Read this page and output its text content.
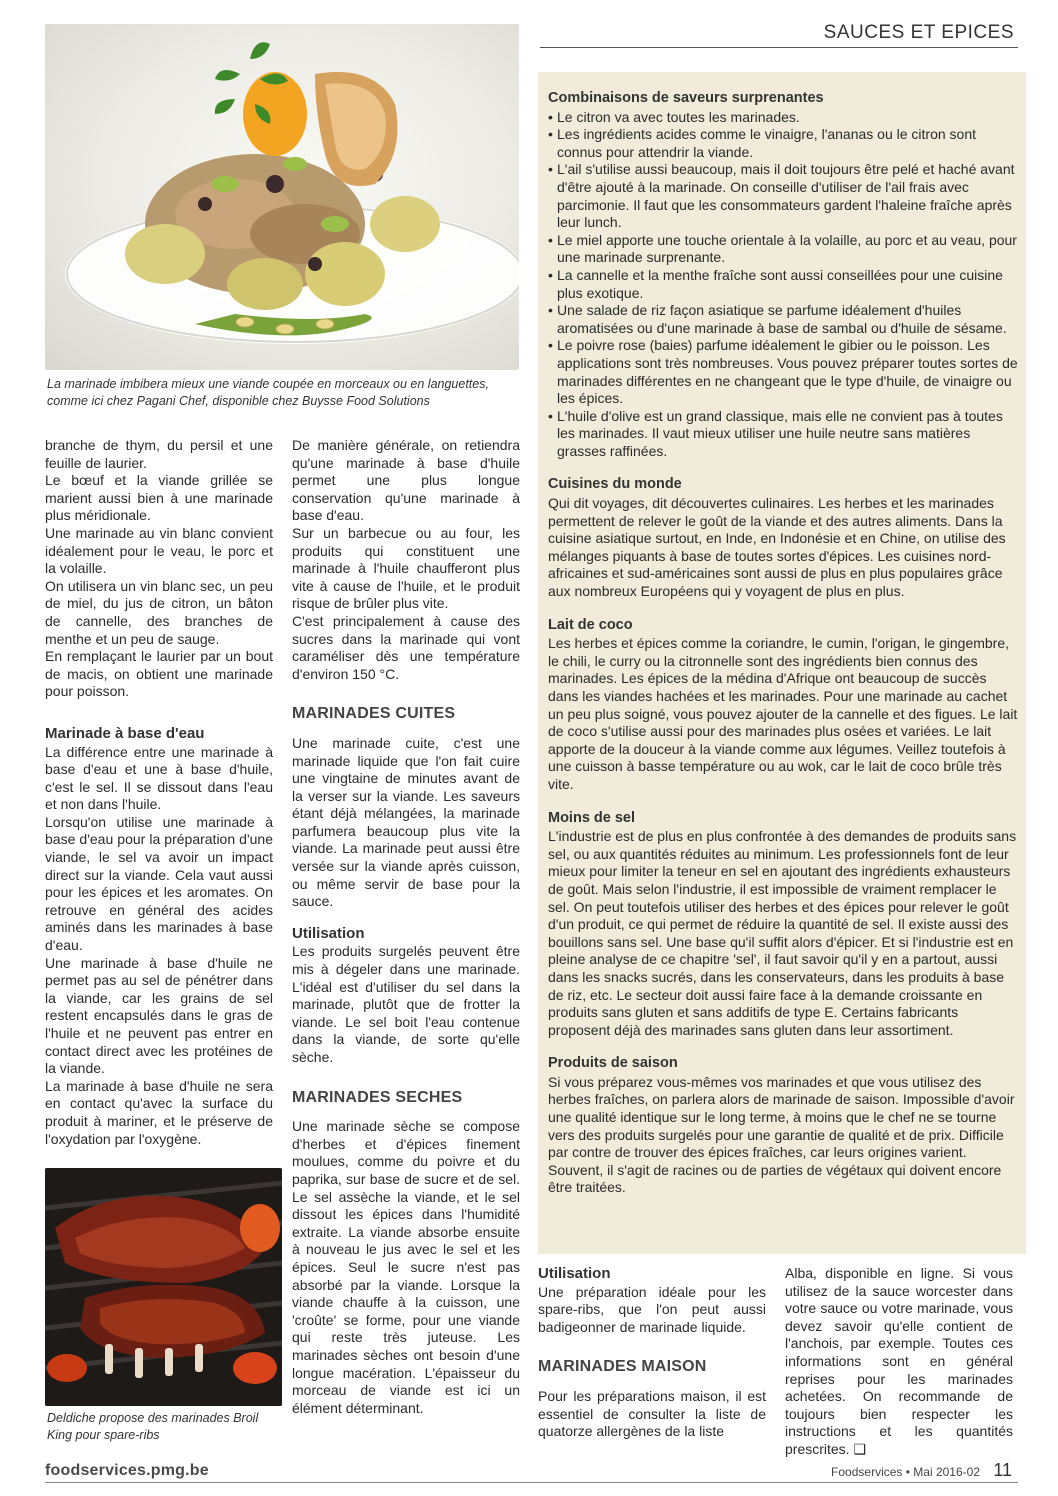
SAUCES ET EPICES
La marinade imbibera mieux une viande coupée en morceaux ou en languettes, comme ici chez Pagani Chef, disponible chez Buysse Food Solutions

branche de thym, du persil et une feuille de laurier.

Le bœuf et la viande grillée se marient aussi bien à une marinade plus méridionale.

Une marinade au vin blanc convient idéalement pour le veau, le porc et la volaille.

On utilisera un vin blanc sec, un peu de miel, du jus de citron, un bâton de cannelle, des branches de menthe et un peu de sauge.

En remplaçant le laurier par un bout de macis, on obtient une marinade pour poisson.

Marinade à base d'eau

La différence entre une marinade à base d'eau et une à base d'huile, c'est le sel. Il se dissout dans l'eau et non dans l'huile.

Lorsqu'on utilise une marinade à base d'eau pour la préparation d'une viande, le sel va avoir un impact direct sur la viande. Cela vaut aussi pour les épices et les aromates. On retrouve en général des acides aminés dans les marinades à base d'eau.

Une marinade à base d'huile ne permet pas au sel de pénétrer dans la viande, car les grains de sel restent encapsulés dans le gras de l'huile et ne peuvent pas entrer en contact direct avec les protéines de la viande.

La marinade à base d'huile ne sera en contact qu'avec la surface du produit à mariner, et le préserve de l'oxydation par l'oxygène.

De manière générale, on retiendra qu'une marinade à base d'huile permet une plus longue conservation qu'une marinade à base d'eau.

Sur un barbecue ou au four, les produits qui constituent une marinade à l'huile chaufferont plus vite à cause de l'huile, et le produit risque de brûler plus vite.

C'est principalement à cause des sucres dans la marinade qui vont caraméliser dès une température d'environ 150 °C.

MARINADES CUITES

Une marinade cuite, c'est une marinade liquide que l'on fait cuire une vingtaine de minutes avant de la verser sur la viande. Les saveurs étant déjà mélangées, la marinade parfumera beaucoup plus vite la viande. La marinade peut aussi être versée sur la viande après cuisson, ou même servir de base pour la sauce.

Utilisation

Les produits surgelés peuvent être mis à dégeler dans une marinade. L'idéal est d'utiliser du sel dans la marinade, plutôt que de frotter la viande. Le sel boit l'eau contenue dans la viande, de sorte qu'elle sèche.

MARINADES SECHES

Une marinade sèche se compose d'herbes et d'épices finement moulues, comme du poivre et du paprika, sur base de sucre et de sel. Le sel assèche la viande, et le sel dissout les épices dans l'humidité extraite. La viande absorbe ensuite à nouveau le jus avec le sel et les épices. Seul le sucre n'est pas absorbé par la viande. Lorsque la viande chauffe à la cuisson, une 'croûte' se forme, pour une viande qui reste très juteuse. Les marinades sèches ont besoin d'une longue macération. L'épaisseur du morceau de viande est ici un élément déterminant.

Deldiche propose des marinades Broil King pour spare-ribs
Combinaisons de saveurs surprenantes
• Le citron va avec toutes les marinades.
• Les ingrédients acides comme le vinaigre, l'ananas ou le citron sont connus pour attendrir la viande.
• L'ail s'utilise aussi beaucoup, mais il doit toujours être pelé et haché avant d'être ajouté à la marinade. On conseille d'utiliser de l'ail frais avec parcimonie. Il faut que les consommateurs gardent l'haleine fraîche après leur lunch.
• Le miel apporte une touche orientale à la volaille, au porc et au veau, pour une marinade surprenante.
• La cannelle et la menthe fraîche sont aussi conseillées pour une cuisine plus exotique.
• Une salade de riz façon asiatique se parfume idéalement d'huiles aromatisées ou d'une marinade à base de sambal ou d'huile de sésame.
• Le poivre rose (baies) parfume idéalement le gibier ou le poisson. Les applications sont très nombreuses. Vous pouvez préparer toutes sortes de marinades différentes en ne changeant que le type d'huile, de vinaigre ou les épices.
• L'huile d'olive est un grand classique, mais elle ne convient pas à toutes les marinades. Il vaut mieux utiliser une huile neutre sans matières grasses raffinées.
Cuisines du monde

Qui dit voyages, dit découvertes culinaires. Les herbes et les marinades permettent de relever le goût de la viande et des autres aliments. Dans la cuisine asiatique surtout, en Inde, en Indonésie et en Chine, on utilise des mélanges piquants à base de toutes sortes d'épices. Les cuisines nord-africaines et sud-américaines sont aussi de plus en plus populaires grâce aux nombreux Européens qui y voyagent de plus en plus.

Lait de coco

Les herbes et épices comme la coriandre, le cumin, l'origan, le gingembre, le chili, le curry ou la citronnelle sont des ingrédients bien connus des marinades. Les épices de la médina d'Afrique ont beaucoup de succès dans les viandes hachées et les marinades. Pour une marinade au cachet un peu plus soigné, vous pouvez ajouter de la cannelle et des figues. Le lait de coco s'utilise aussi pour des marinades plus osées et variées. Le lait apporte de la douceur à la viande comme aux légumes. Veillez toutefois à une cuisson à basse température ou au wok, car le lait de coco brûle très vite.

Moins de sel

L'industrie est de plus en plus confrontée à des demandes de produits sans sel, ou aux quantités réduites au minimum. Les professionnels font de leur mieux pour limiter la teneur en sel en ajoutant des ingrédients exhausteurs de goût. Mais selon l'industrie, il est impossible de vraiment remplacer le sel. On peut toutefois utiliser des herbes et des épices pour relever le goût d'un produit, ce qui permet de réduire la quantité de sel. Il existe aussi des bouillons sans sel. Une base qu'il suffit alors d'épicer. Et si l'industrie est en pleine analyse de ce chapitre 'sel', il faut savoir qu'il y en a partout, aussi dans les snacks sucrés, dans les conservateurs, dans les produits à base de riz, etc. Le secteur doit aussi faire face à la demande croissante en produits sans gluten et sans additifs de type E. Certains fabricants proposent déjà des marinades sans gluten dans leur assortiment.

Produits de saison

Si vous préparez vous-mêmes vos marinades et que vous utilisez des herbes fraîches, on parlera alors de marinade de saison. Impossible d'avoir une qualité identique sur le long terme, à moins que le chef ne se tourne vers des produits surgelés pour une garantie de qualité et de prix. Difficile par contre de trouver des épices fraîches, car leurs origines varient. Souvent, il s'agit de racines ou de parties de végétaux qui doivent encore être traitées.

Utilisation

Une préparation idéale pour les spare-ribs, que l'on peut aussi badigeonner de marinade liquide.

MARINADES MAISON

Pour les préparations maison, il est essentiel de consulter la liste de quatorze allergènes de la liste

Alba, disponible en ligne. Si vous utilisez de la sauce worcester dans votre sauce ou votre marinade, vous devez savoir qu'elle contient de l'anchois, par exemple. Toutes ces informations sont en général reprises pour les marinades achetées. On recommande de toujours bien respecter les instructions et les quantités prescrites. ❑

foodservices.pmg.be	Foodservices • Mai 2016-02 11
